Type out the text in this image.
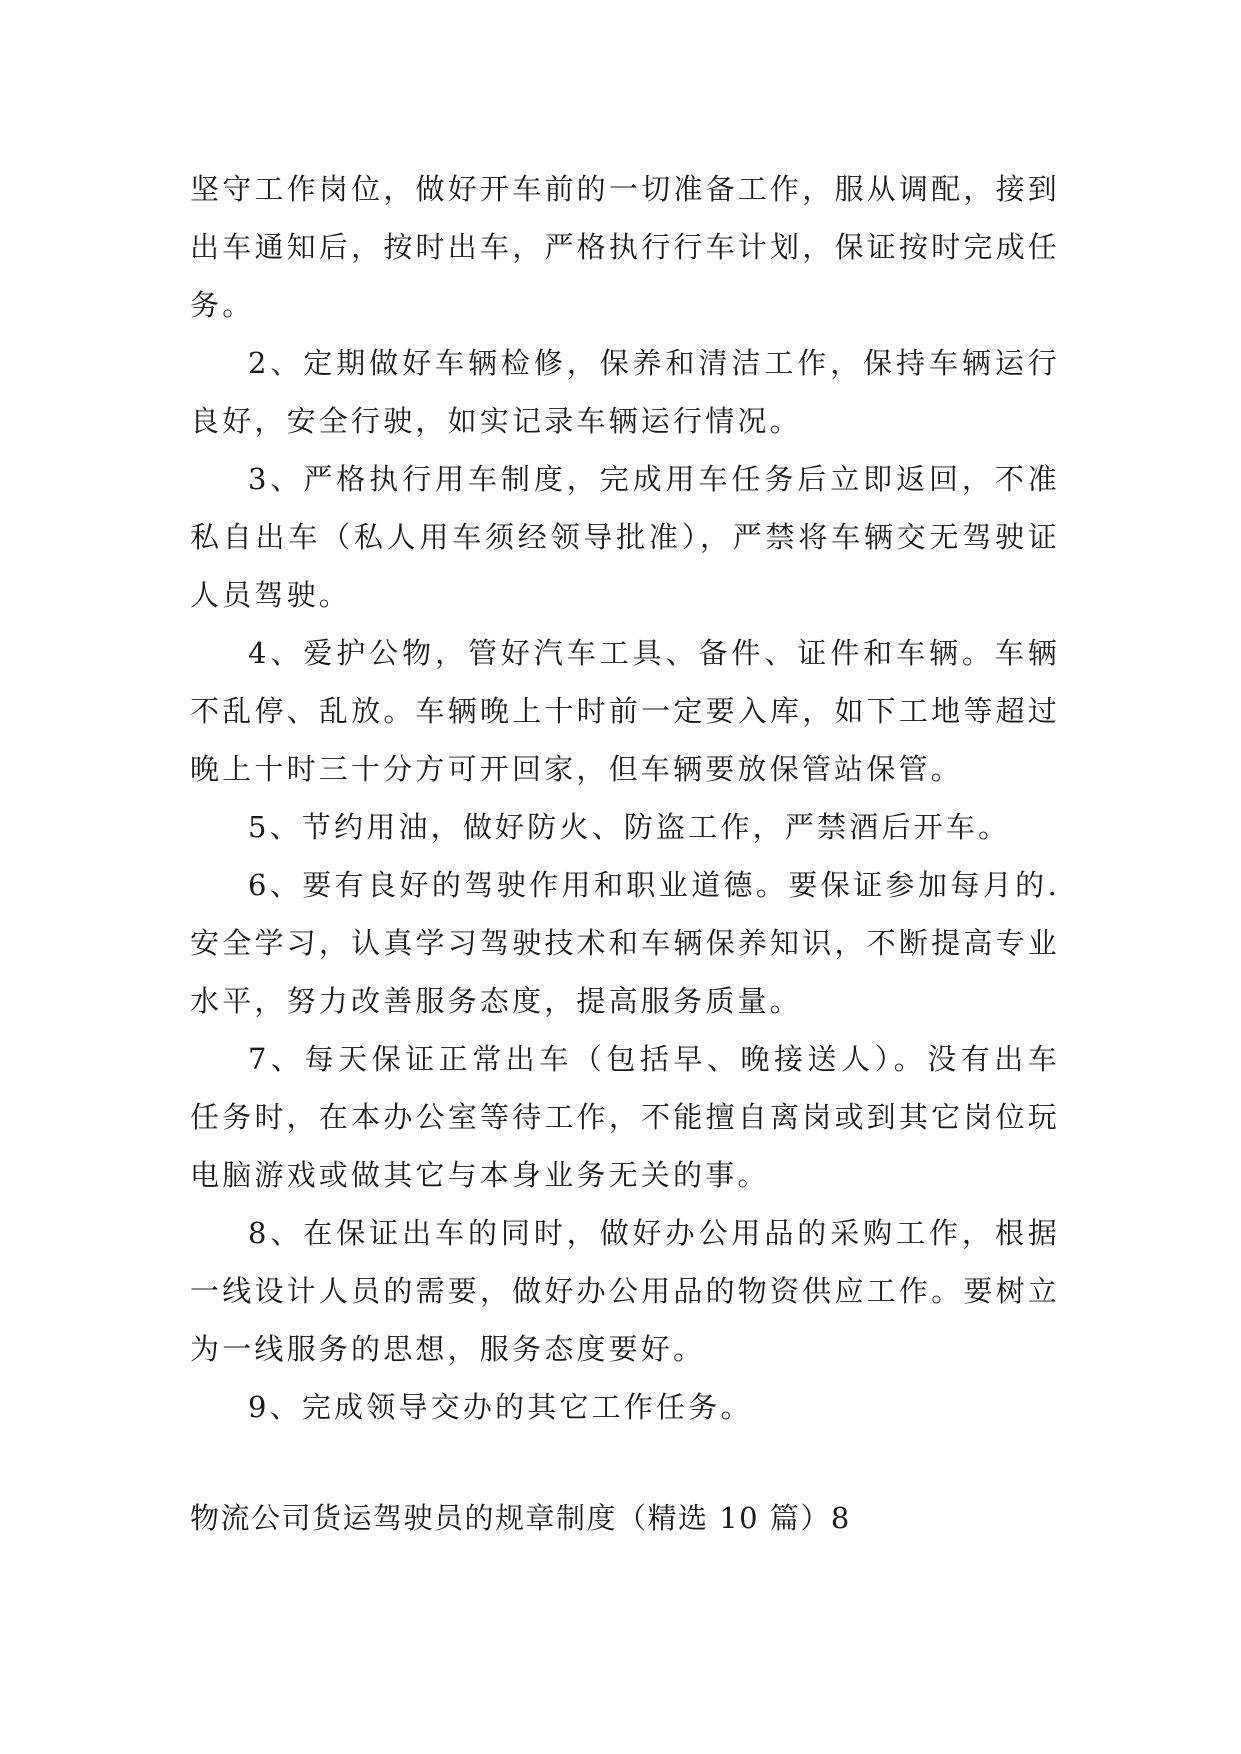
坚守工作岗位，做好开车前的一切准备工作，服从调配，接到出车通知后，按时出车，严格执行行车计划，保证按时完成任务。

2、定期做好车辆检修，保养和清洁工作，保持车辆运行良好，安全行驶，如实记录车辆运行情况。

3、严格执行用车制度，完成用车任务后立即返回，不准私自出车（私人用车须经领导批准），严禁将车辆交无驾驶证人员驾驶。

4、爱护公物，管好汽车工具、备件、证件和车辆。车辆不乱停、乱放。车辆晚上十时前一定要入库，如下工地等超过晚上十时三十分方可开回家，但车辆要放保管站保管。

5、节约用油，做好防火、防盗工作，严禁酒后开车。

6、要有良好的驾驶作用和职业道德。要保证参加每月的.安全学习，认真学习驾驶技术和车辆保养知识，不断提高专业水平，努力改善服务态度，提高服务质量。

7、每天保证正常出车（包括早、晚接送人）。没有出车任务时，在本办公室等待工作，不能擅自离岗或到其它岗位玩电脑游戏或做其它与本身业务无关的事。

8、在保证出车的同时，做好办公用品的采购工作，根据一线设计人员的需要，做好办公用品的物资供应工作。要树立为一线服务的思想，服务态度要好。

9、完成领导交办的其它工作任务。

物流公司货运驾驶员的规章制度（精选 10 篇）8
